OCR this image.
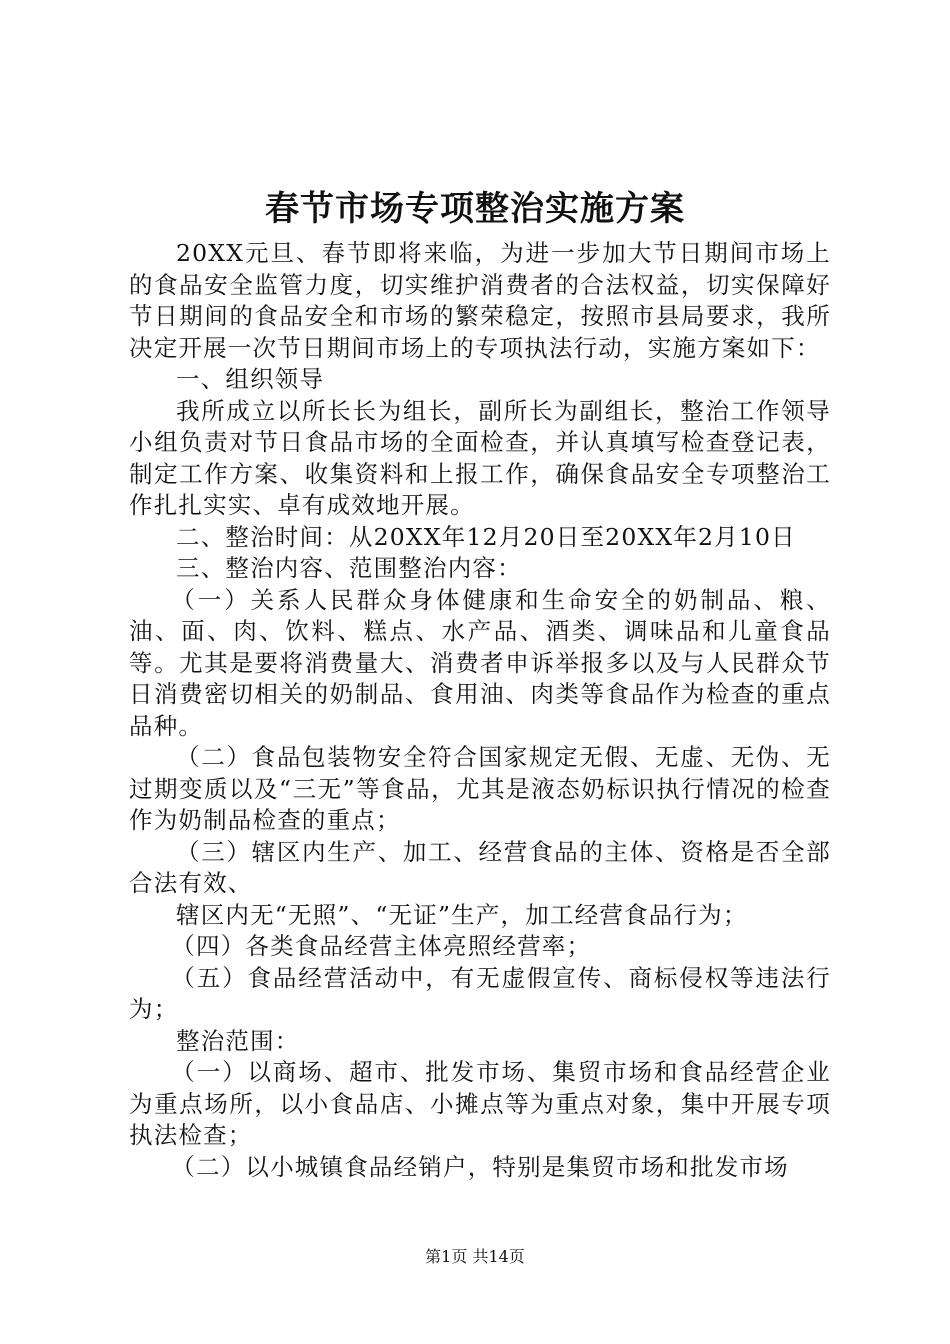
春节市场专项整治实施方案

20XX元旦、春节即将来临，为进一步加大节日期间市场上的食品安全监管力度，切实维护消费者的合法权益，切实保障好节日期间的食品安全和市场的繁荣稳定，按照市县局要求，我所决定开展一次节日期间市场上的专项执法行动，实施方案如下：

一、组织领导

我所成立以所长长为组长，副所长为副组长，整治工作领导小组负责对节日食品市场的全面检查，并认真填写检查登记表，制定工作方案、收集资料和上报工作，确保食品安全专项整治工作扎扎实实、卓有成效地开展。

二、整治时间：从20XX年12月20日至20XX年2月10日

三、整治内容、范围整治内容：

（一）关系人民群众身体健康和生命安全的奶制品、粮、油、面、肉、饮料、糕点、水产品、酒类、调味品和儿童食品等。尤其是要将消费量大、消费者申诉举报多以及与人民群众节日消费密切相关的奶制品、食用油、肉类等食品作为检查的重点品种。

（二）食品包装物安全符合国家规定无假、无虚、无伪、无过期变质以及“三无”等食品，尤其是液态奶标识执行情况的检查作为奶制品检查的重点；

（三）辖区内生产、加工、经营食品的主体、资格是否全部合法有效、

辖区内无“无照”、“无证”生产，加工经营食品行为；

（四）各类食品经营主体亮照经营率；

（五）食品经营活动中，有无虚假宣传、商标侵权等违法行为；

整治范围：

（一）以商场、超市、批发市场、集贸市场和食品经营企业为重点场所，以小食品店、小摊点等为重点对象，集中开展专项执法检查；

（二）以小城镇食品经销户，特别是集贸市场和批发市场

第1页 共14页
